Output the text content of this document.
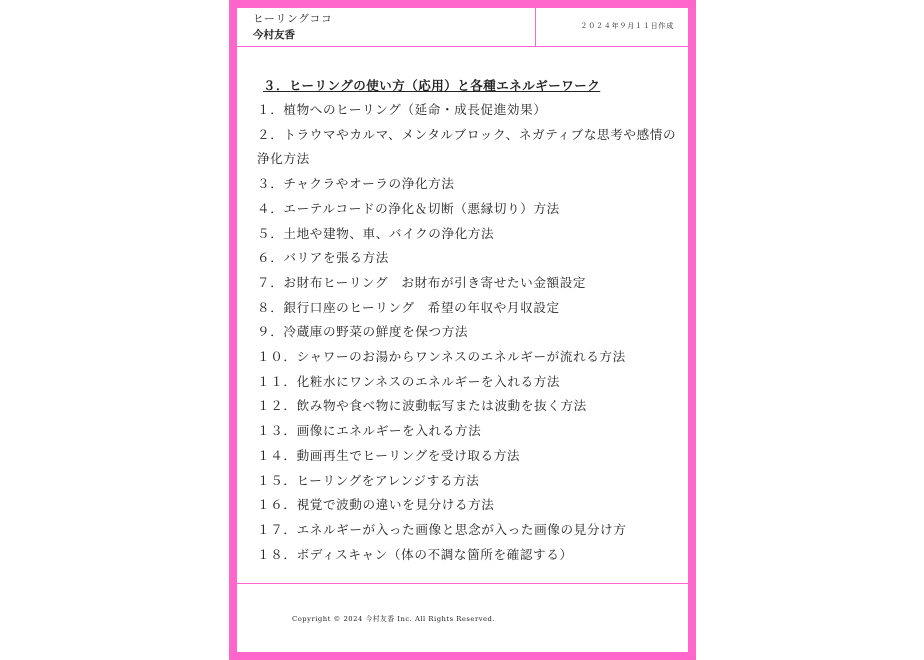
ヒーリングココ
今村友香
２０２４年９月１１日作成
３．ヒーリングの使い方（応用）と各種エネルギーワーク
１．植物へのヒーリング（延命・成長促進効果）
２．トラウマやカルマ、メンタルブロック、ネガティブな思考や感情の浄化方法
３．チャクラやオーラの浄化方法
４．エーテルコードの浄化＆切断（悪縁切り）方法
５．土地や建物、車、バイクの浄化方法
６．バリアを張る方法
７．お財布ヒーリング　お財布が引き寄せたい金額設定
８．銀行口座のヒーリング　希望の年収や月収設定
９．冷蔵庫の野菜の鮮度を保つ方法
１０．シャワーのお湯からワンネスのエネルギーが流れる方法
１１．化粧水にワンネスのエネルギーを入れる方法
１２．飲み物や食べ物に波動転写または波動を抜く方法
１３．画像にエネルギーを入れる方法
１４．動画再生でヒーリングを受け取る方法
１５．ヒーリングをアレンジする方法
１６．視覚で波動の違いを見分ける方法
１７．エネルギーが入った画像と思念が入った画像の見分け方
１８．ボディスキャン（体の不調な箇所を確認する）
Copyright © 2024 今村友香 Inc. All Rights Reserved.
